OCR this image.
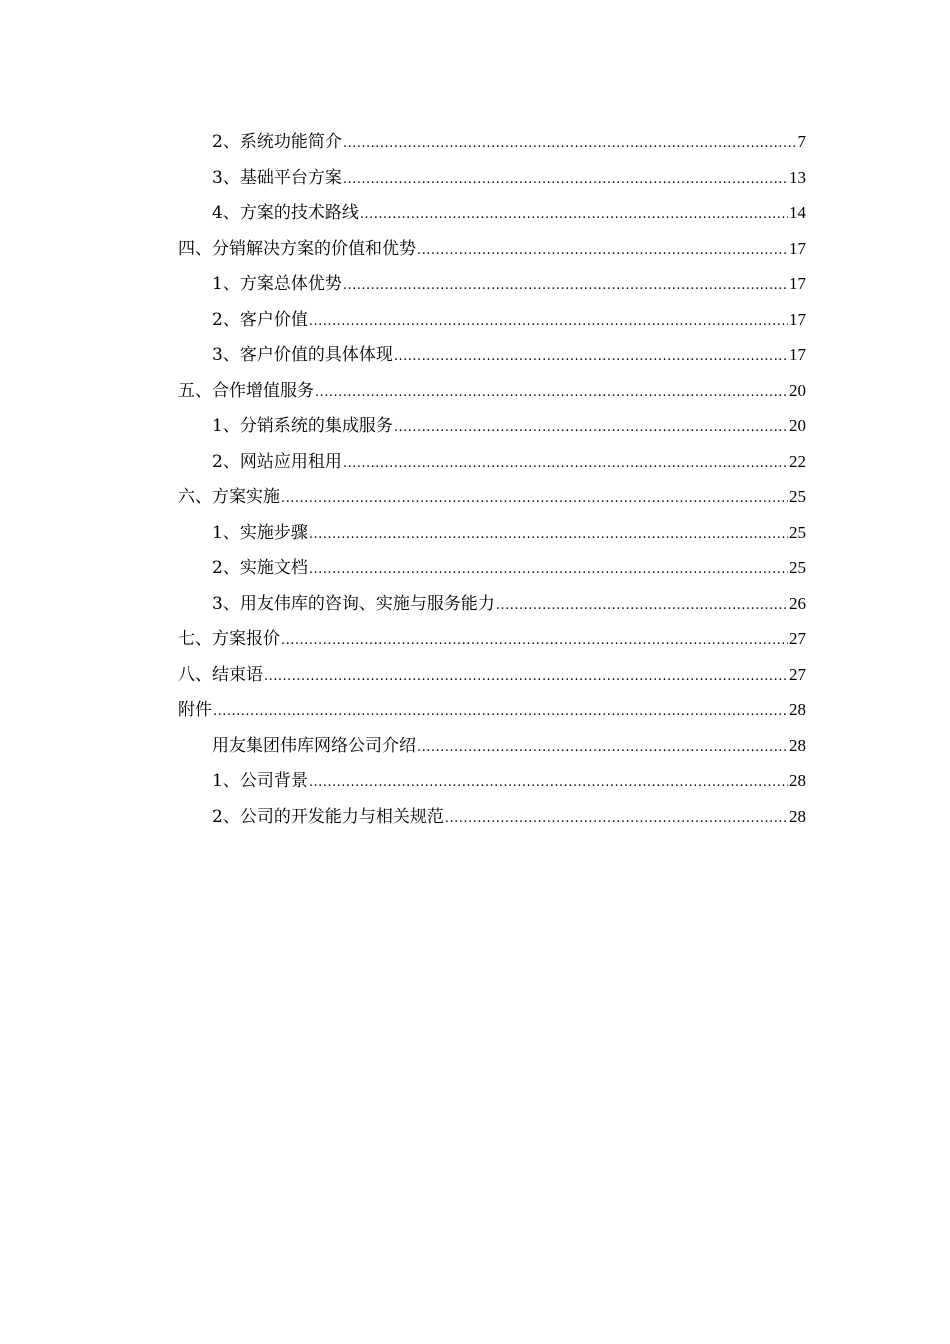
2、系统功能简介 .....	7
3、基础平台方案 .....	13
4、方案的技术路线 .....	14
四、分销解决方案的价值和优势 .....	17
1、方案总体优势 .....	17
2、客户价值 .....	17
3、客户价值的具体体现 .....	17
五、合作增值服务 .....	20
1、分销系统的集成服务 .....	20
2、网站应用租用 .....	22
六、方案实施 .....	25
1、实施步骤 .....	25
2、实施文档 .....	25
3、用友伟库的咨询、实施与服务能力 .....	26
七、方案报价 .....	27
八、结束语 .....	27
附件 .....	28
用友集团伟库网络公司介绍 .....	28
1、公司背景 .....	28
2、公司的开发能力与相关规范 .....	28
